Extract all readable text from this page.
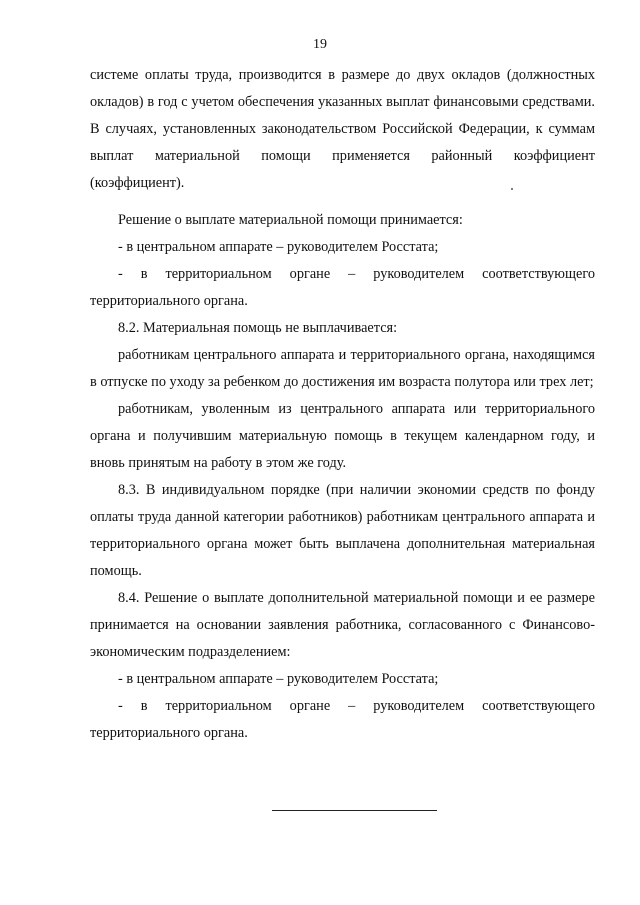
19

системе оплаты труда, производится в размере до двух окладов (должностных окладов) в год с учетом обеспечения указанных выплат финансовыми средствами. В случаях, установленных законодательством Российской Федерации, к суммам выплат материальной помощи применяется районный коэффициент (коэффициент).

Решение о выплате материальной помощи принимается:

- в центральном аппарате – руководителем Росстата;

- в территориальном органе – руководителем соответствующего территориального органа.

8.2. Материальная помощь не выплачивается:

работникам центрального аппарата и территориального органа, находящимся в отпуске по уходу за ребенком до достижения им возраста полутора или трех лет;

работникам, уволенным из центрального аппарата или территориального органа и получившим материальную помощь в текущем календарном году, и вновь принятым на работу в этом же году.

8.3. В индивидуальном порядке (при наличии экономии средств по фонду оплаты труда данной категории работников) работникам центрального аппарата и территориального органа может быть выплачена дополнительная материальная помощь.

8.4. Решение о выплате дополнительной материальной помощи и ее размере принимается на основании заявления работника, согласованного с Финансово-экономическим подразделением:

- в центральном аппарате – руководителем Росстата;

- в территориальном органе – руководителем соответствующего территориального органа.
